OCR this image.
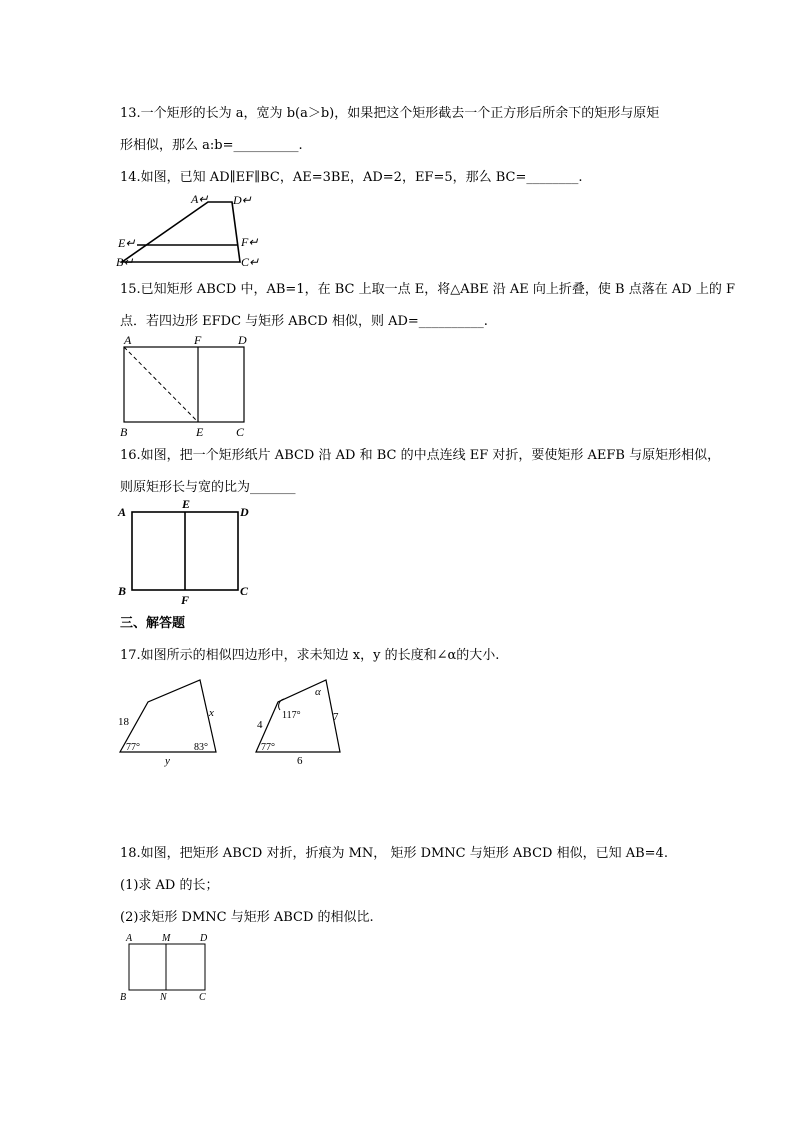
13.一个矩形的长为 a，宽为 b(a＞b)，如果把这个矩形截去一个正方形后所余下的矩形与原矩
形相似，那么 a:b=__________.
14.如图，已知 AD∥EF∥BC，AE=3BE，AD=2，EF=5，那么 BC=________.
A↵ D↵
E↵	F↵
B↵	C↵
15.已知矩形 ABCD 中，AB=1，在 BC 上取一点 E，将△ABE 沿 AE 向上折叠，使 B 点落在 AD 上的 F
点．若四边形 EFDC 与矩形 ABCD 相似，则 AD=__________.
A	F	D
B	E	C
16.如图，把一个矩形纸片 ABCD 沿 AD 和 BC 的中点连线 EF 对折，要使矩形 AEFB 与原矩形相似，
则原矩形长与宽的比为_______
A
E
D
B
F
C
三、解答题
17.如图所示的相似四边形中，求未知边 x，y 的长度和∠α的大小.
18
x
y
77°	83°
4
7
6
77°
117°
α
18.如图，把矩形 ABCD 对折，折痕为 MN， 矩形 DMNC 与矩形 ABCD 相似，已知 AB=4.
(1)求 AD 的长；
(2)求矩形 DMNC 与矩形 ABCD 的相似比.
A	M	D
B	N	C
